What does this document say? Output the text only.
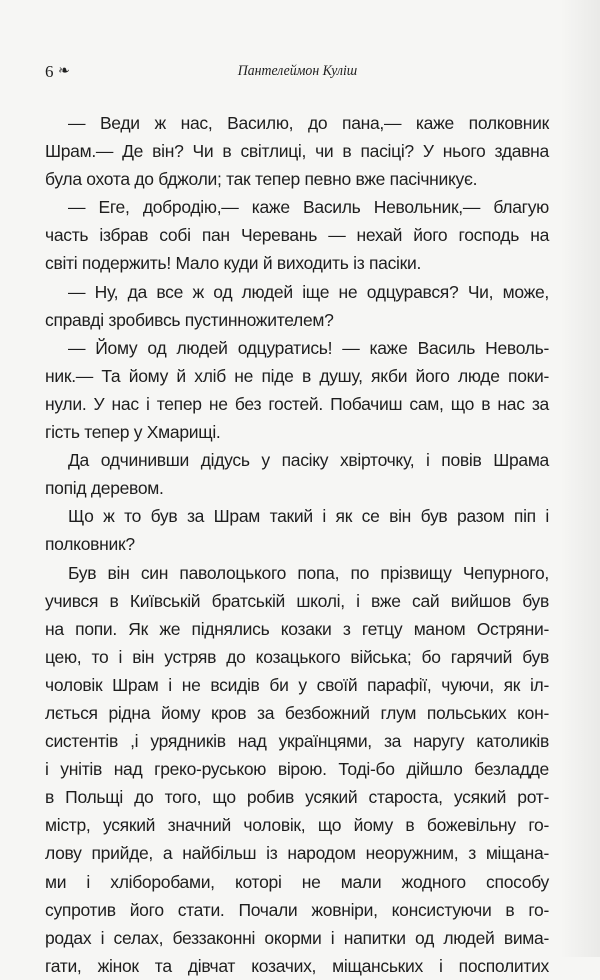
6 ❧	Пантелеймон Куліш
— Веди ж нас, Василю, до пана,— каже полковник
Шрам.— Де він? Чи в світлиці, чи в пасіці? У нього здавна
була охота до бджоли; так тепер певно вже пасічникує.
— Еге, добродію,— каже Василь Невольник,— благую
часть ізбрав собі пан Черевань — нехай його господь на
світі подержить! Мало куди й виходить із пасіки.
— Ну, да все ж од людей іще не одцурався? Чи, може,
справді зробивсь пустинножителем?
— Йому од людей одцуратись! — каже Василь Неволь-
ник.— Та йому й хліб не піде в душу, якби його люде поки-
нули. У нас і тепер не без гостей. Побачиш сам, що в нас за
гість тепер у Хмарищі.
Да одчинивши дідусь у пасіку хвірточку, і повів Шрама
попід деревом.
Що ж то був за Шрам такий і як се він був разом піп і
полковник?
Був він син паволоцького попа, по прізвищу Чепурного,
учився в Київській братській школі, і вже сай вийшов був
на попи. Як же піднялись козаки з гетцу маном Остряни-
цею, то і він устряв до козацького війська; бо гарячий був
чоловік Шрам і не всидів би у своїй парафії, чуючи, як іл-
лється рідна йому кров за безбожний глум польських кон-
систентів ,і урядників над українцями, за наругу католиків
і унітів над греко-руською вірою. Тоді-бо дійшло безладде
в Польщі до того, що робив усякий староста, усякий рот-
містр, усякий значний чоловік, що йому в божевільну го-
лову прийде, а найбільш із народом неоружним, з міщана-
ми і хліборобами, которі не мали жодного способу
супротив його стати. Почали жовніри, консистуючи в го-
родах і селах, беззаконні окорми і напитки од людей вима-
гати, жінок та дівчат козачих, міщанських і посполитих
